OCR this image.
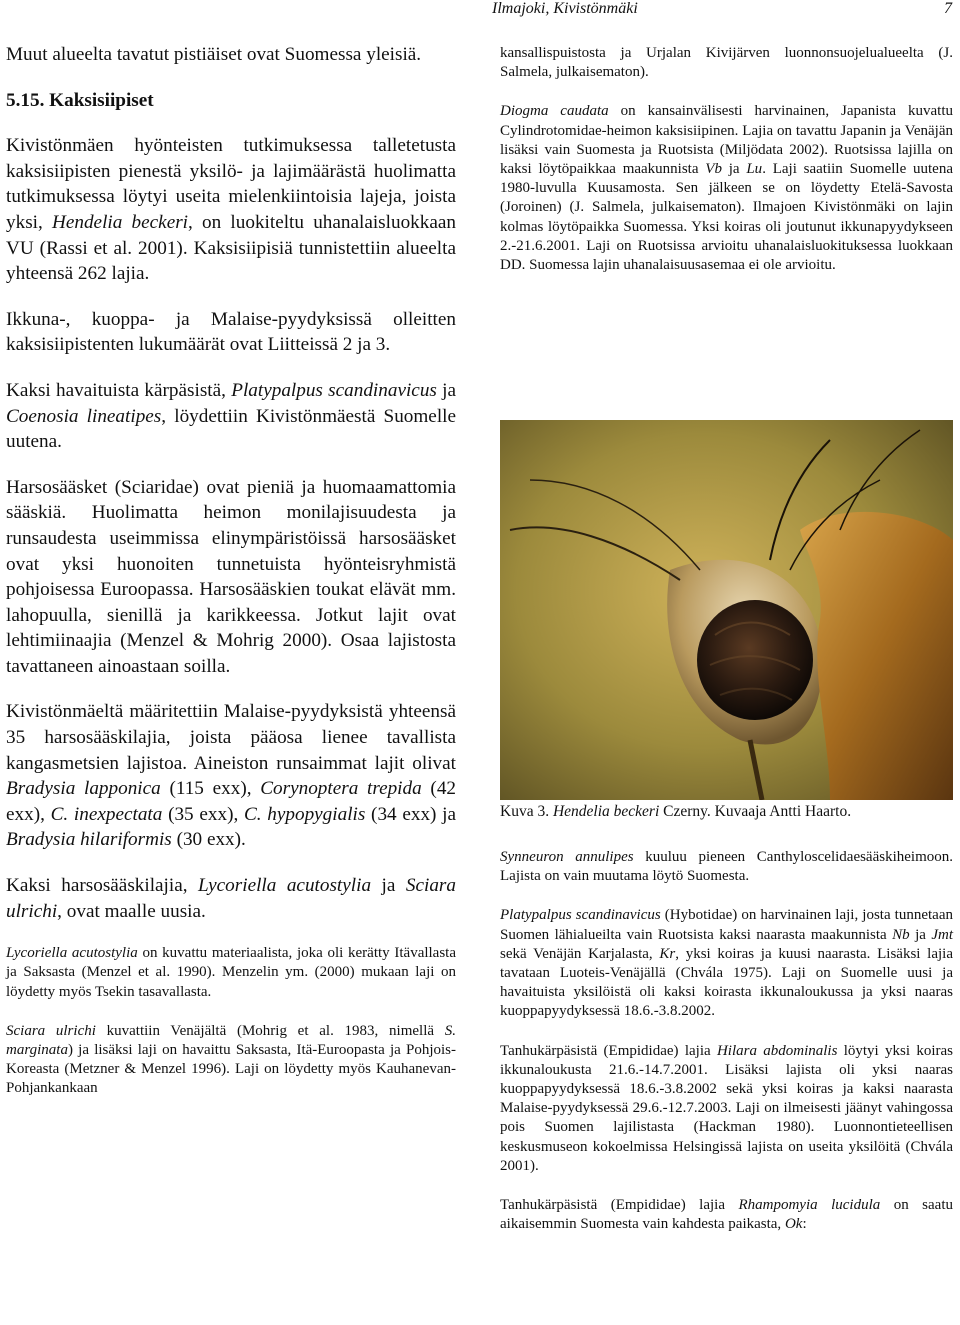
Ilmajoki, Kivistönmäki	7

Muut alueelta tavatut pistiäiset ovat Suomessa yleisiä.

5.15. Kaksisiipiset

Kivistönmäen hyönteisten tutkimuksessa talletetusta kaksisiipisten pienestä yksilö- ja lajimäärästä huolimatta tutkimuksessa löytyi useita mielenkiintoisia lajeja, joista yksi, Hendelia beckeri, on luokiteltu uhanalaisluokkaan VU (Rassi et al. 2001). Kaksisiipisiä tunnistettiin alueelta yhteensä 262 lajia.

Ikkuna-, kuoppa- ja Malaise-pyydyksissä olleitten kaksisiipistenten lukumäärät ovat Liitteissä 2 ja 3.

Kaksi havaituista kärpäsistä, Platypalpus scandinavicus ja Coenosia lineatipes, löydettiin Kivistönmäestä Suomelle uutena.

Harsosääsket (Sciaridae) ovat pieniä ja huomaamattomia sääskiä. Huolimatta heimon monilajisuudesta ja runsaudesta useimmissa elinympäristöissä harsosääsket ovat yksi huonoiten tunnetuista hyönteisryhmistä pohjoisessa Euroopassa. Harsosääskien toukat elävät mm. lahopuulla, sienillä ja karikkeessa. Jotkut lajit ovat lehtimiinaajia (Menzel & Mohrig 2000). Osaa lajistosta tavattaneen ainoastaan soilla.

Kivistönmäeltä määritettiin Malaise-pyydyksistä yhteensä 35 harsosääskilajia, joista pääosa lienee tavallista kangasmetsien lajistoa. Aineiston runsaimmat lajit olivat Bradysia lapponica (115 exx), Corynoptera trepida (42 exx), C. inexpectata (35 exx), C. hypopygialis (34 exx) ja Bradysia hilariformis (30 exx).

Kaksi harsosääskilajia, Lycoriella acutostylia ja Sciara ulrichi, ovat maalle uusia.

Lycoriella acutostylia on kuvattu materiaalista, joka oli kerätty Itävallasta ja Saksasta (Menzel et al. 1990). Menzelin ym. (2000) mukaan laji on löydetty myös Tsekin tasavallasta.

Sciara ulrichi kuvattiin Venäjältä (Mohrig et al. 1983, nimellä S. marginata) ja lisäksi laji on havaittu Saksasta, Itä-Euroopasta ja Pohjois-Koreasta (Metzner & Menzel 1996). Laji on löydetty myös Kauhanevan-Pohjankankaan

kansallispuistosta ja Urjalan Kivijärven luonnonsuojelualueelta (J. Salmela, julkaisematon).

Diogma caudata on kansainvälisesti harvinainen, Japanista kuvattu Cylindrotomidae-heimon kaksisiipinen. Lajia on tavattu Japanin ja Venäjän lisäksi vain Suomesta ja Ruotsista (Miljödata 2002). Ruotsissa lajilla on kaksi löytöpaikkaa maakunnista Vb ja Lu. Laji saatiin Suomelle uutena 1980-luvulla Kuusamosta. Sen jälkeen se on löydetty Etelä-Savosta (Joroinen) (J. Salmela, julkaisematon). Ilmajoen Kivistönmäki on lajin kolmas löytöpaikka Suomessa. Yksi koiras oli joutunut ikkunapyydykseen 2.-21.6.2001. Laji on Ruotsissa arvioitu uhanalaisluokituksessa luokkaan DD. Suomessa lajin uhanalaisuusasemaa ei ole arvioitu.

Kuva 3. Hendelia beckeri Czerny. Kuvaaja Antti Haarto.

Synneuron annulipes kuuluu pieneen Canthyloscelidaesääskiheimoon. Lajista on vain muutama löytö Suomesta.

Platypalpus scandinavicus (Hybotidae) on harvinainen laji, josta tunnetaan Suomen lähialueilta vain Ruotsista kaksi naarasta maakunnista Nb ja Jmt sekä Venäjän Karjalasta, Kr, yksi koiras ja kuusi naarasta. Lisäksi lajia tavataan Luoteis-Venäjällä (Chvála 1975). Laji on Suomelle uusi ja havaituista yksilöistä oli kaksi koirasta ikkunaloukussa ja yksi naaras kuoppapyydyksessä 18.6.-3.8.2002.

Tanhukärpäsistä (Empididae) lajia Hilara abdominalis löytyi yksi koiras ikkunaloukusta 21.6.-14.7.2001. Lisäksi lajista oli yksi naaras kuoppapyydyksessä 18.6.-3.8.2002 sekä yksi koiras ja kaksi naarasta Malaise-pyydyksessä 29.6.-12.7.2003. Laji on ilmeisesti jäänyt vahingossa pois Suomen lajilistasta (Hackman 1980). Luonnontieteellisen keskusmuseon kokoelmissa Helsingissä lajista on useita yksilöitä (Chvála 2001).

Tanhukärpäsistä (Empididae) lajia Rhampomyia lucidula on saatu aikaisemmin Suomesta vain kahdesta paikasta, Ok:
